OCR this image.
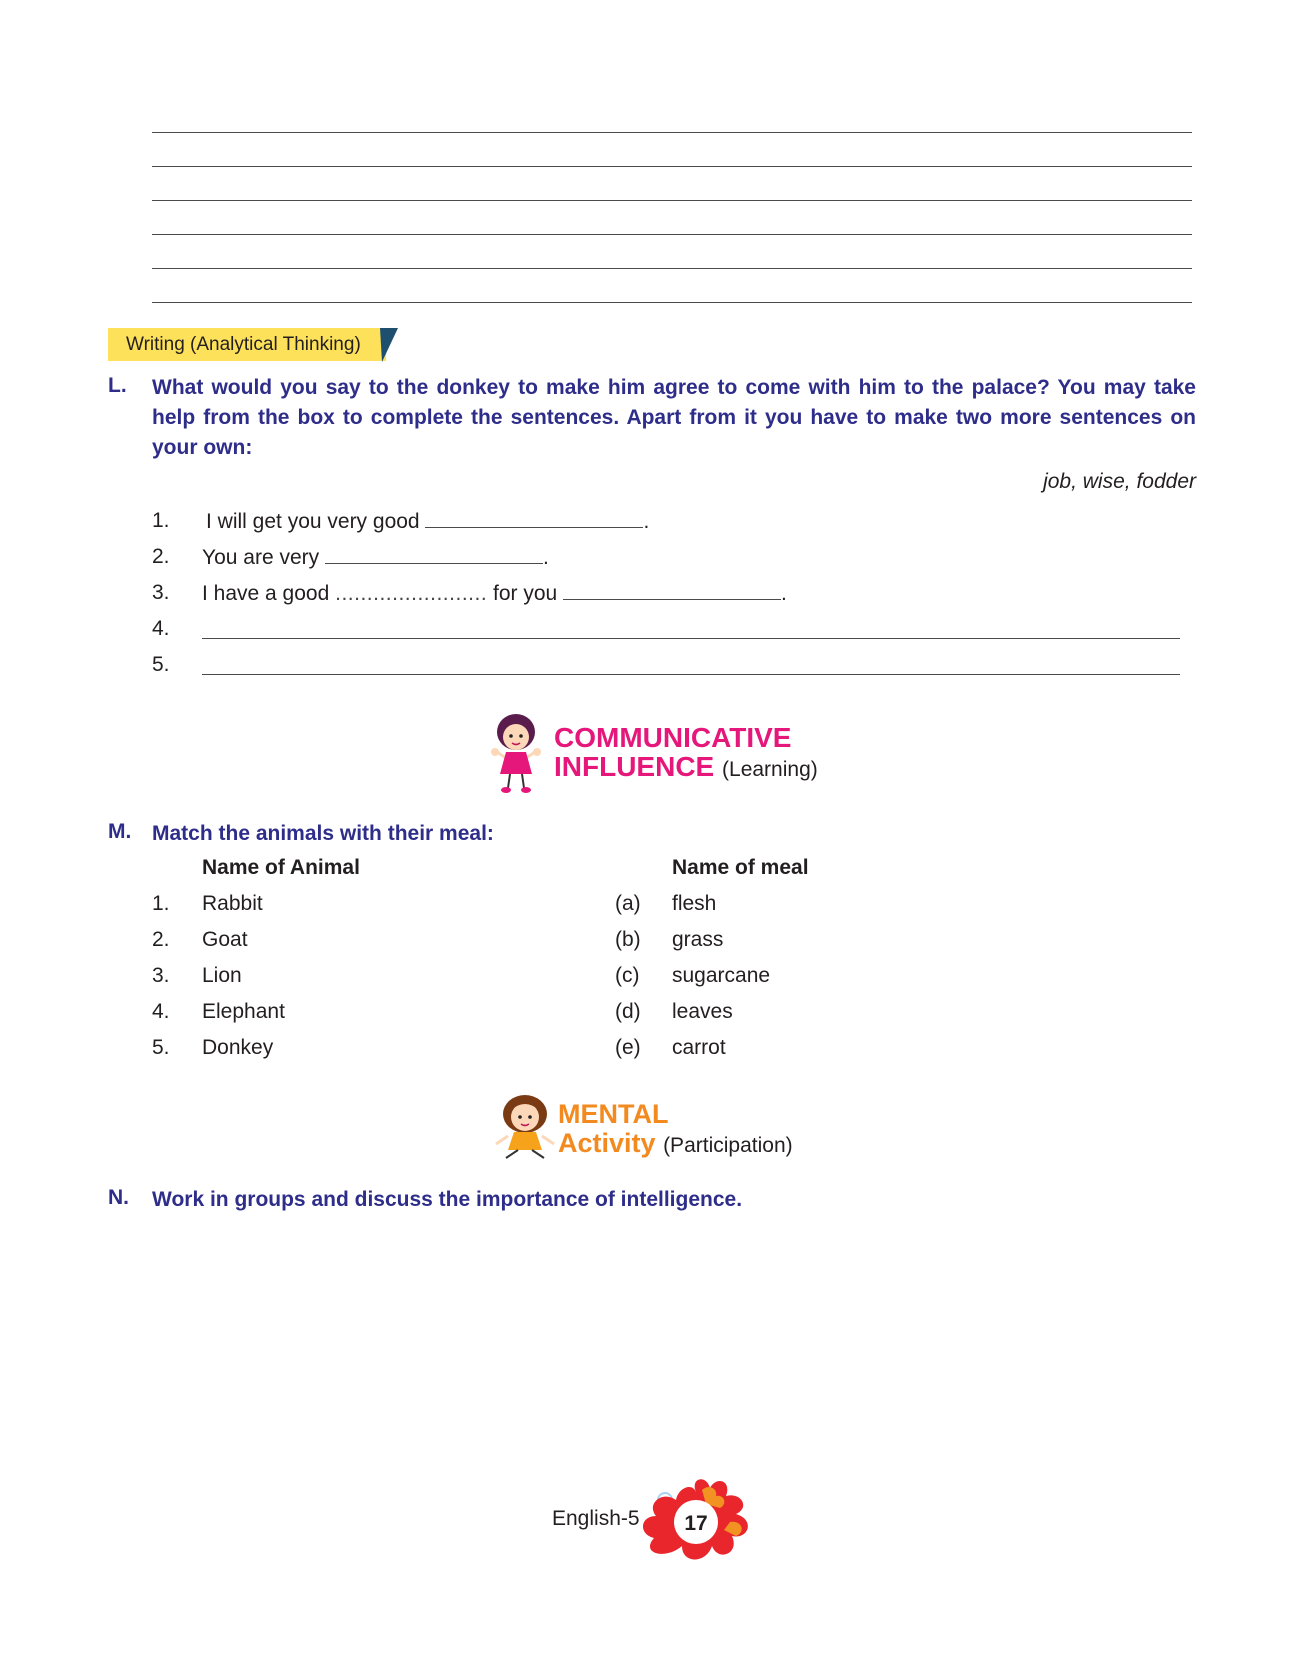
Writing (Analytical Thinking)
L. What would you say to the donkey to make him agree to come with him to the palace? You may take help from the box to complete the sentences. Apart from it you have to make two more sentences on your own:
job, wise, fodder
1. I will get you very good	.
2. You are very	.
3. I have a good ........................ for you	.
4.
5.
COMMUNICATIVE
INFLUENCE (Learning)
M. Match the animals with their meal:
Name of Animal	Name of meal
1. Rabbit	(a) flesh
2. Goat	(b) grass
3. Lion	(c) sugarcane
4. Elephant	(d) leaves
5. Donkey	(e) carrot
MENTAL
Activity (Participation)
N. Work in groups and discuss the importance of intelligence.
English-5 17
